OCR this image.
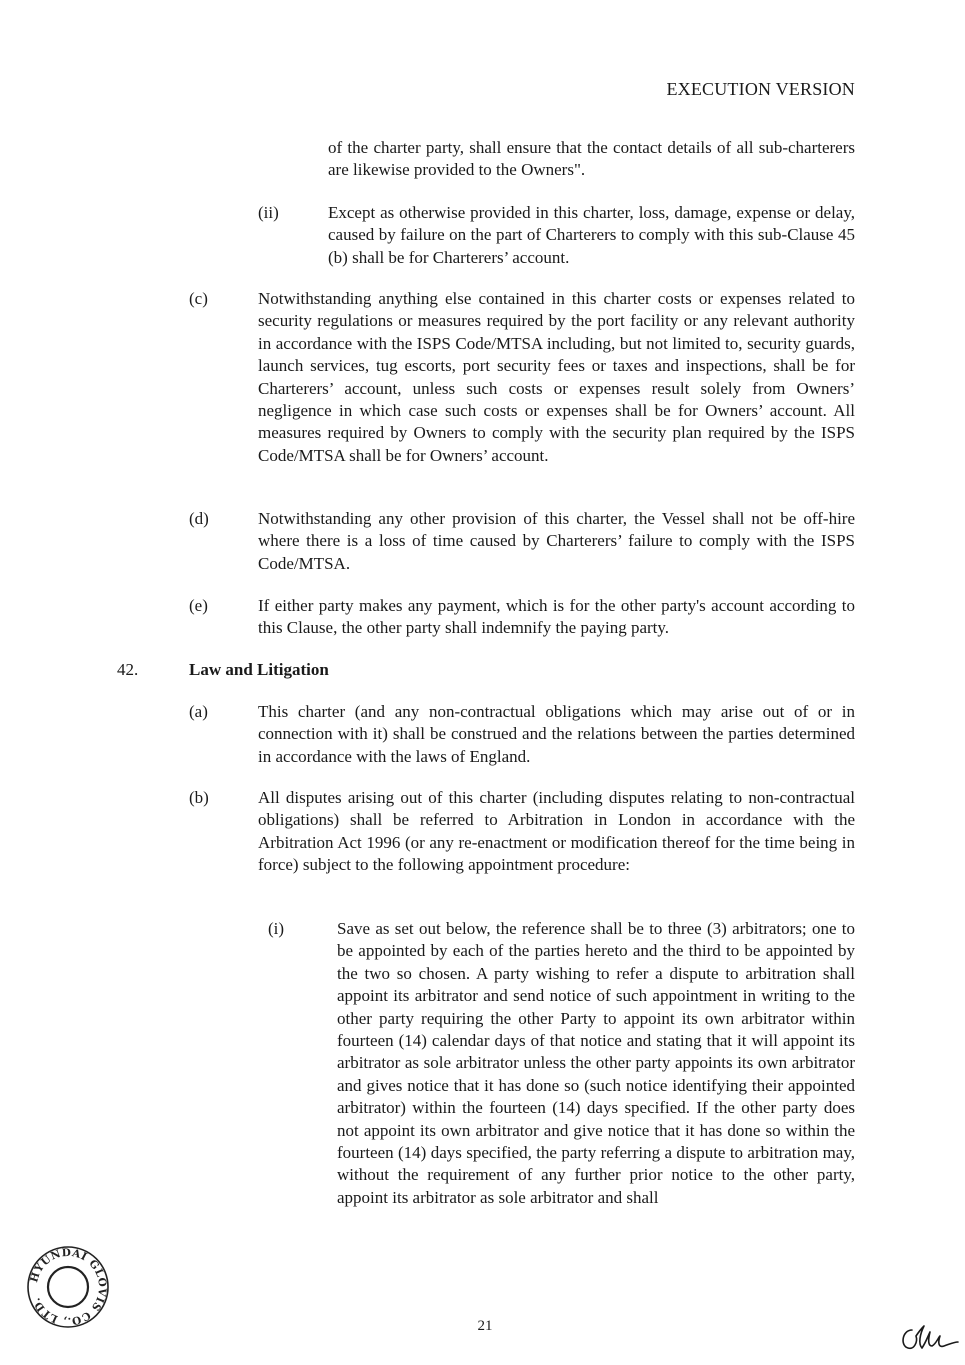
EXECUTION VERSION
of the charter party, shall ensure that the contact details of all sub-charterers are likewise provided to the Owners".
(ii)	Except as otherwise provided in this charter, loss, damage, expense or delay, caused by failure on the part of Charterers to comply with this sub-Clause 45 (b) shall be for Charterers’ account.
(c)	Notwithstanding anything else contained in this charter costs or expenses related to security regulations or measures required by the port facility or any relevant authority in accordance with the ISPS Code/MTSA including, but not limited to, security guards, launch services, tug escorts, port security fees or taxes and inspections, shall be for Charterers’ account, unless such costs or expenses result solely from Owners’ negligence in which case such costs or expenses shall be for Owners’ account. All measures required by Owners to comply with the security plan required by the ISPS Code/MTSA shall be for Owners’ account.
(d)	Notwithstanding any other provision of this charter, the Vessel shall not be off-hire where there is a loss of time caused by Charterers’ failure to comply with the ISPS Code/MTSA.
(e)	If either party makes any payment, which is for the other party's account according to this Clause, the other party shall indemnify the paying party.
42.	Law and Litigation
(a)	This charter (and any non-contractual obligations which may arise out of or in connection with it) shall be construed and the relations between the parties determined in accordance with the laws of England.
(b)	All disputes arising out of this charter (including disputes relating to non-contractual obligations) shall be referred to Arbitration in London in accordance with the Arbitration Act 1996 (or any re-enactment or modification thereof for the time being in force) subject to the following appointment procedure:
(i)	Save as set out below, the reference shall be to three (3) arbitrators; one to be appointed by each of the parties hereto and the third to be appointed by the two so chosen. A party wishing to refer a dispute to arbitration shall appoint its arbitrator and send notice of such appointment in writing to the other party requiring the other Party to appoint its own arbitrator within fourteen (14) calendar days of that notice and stating that it will appoint its arbitrator as sole arbitrator unless the other party appoints its own arbitrator and gives notice that it has done so (such notice identifying their appointed arbitrator) within the fourteen (14) days specified. If the other party does not appoint its own arbitrator and give notice that it has done so within the fourteen (14) days specified, the party referring a dispute to arbitration may, without the requirement of any further prior notice to the other party, appoint its arbitrator as sole arbitrator and shall
HYUNDAI GLOVIS CO., LTD.
21
